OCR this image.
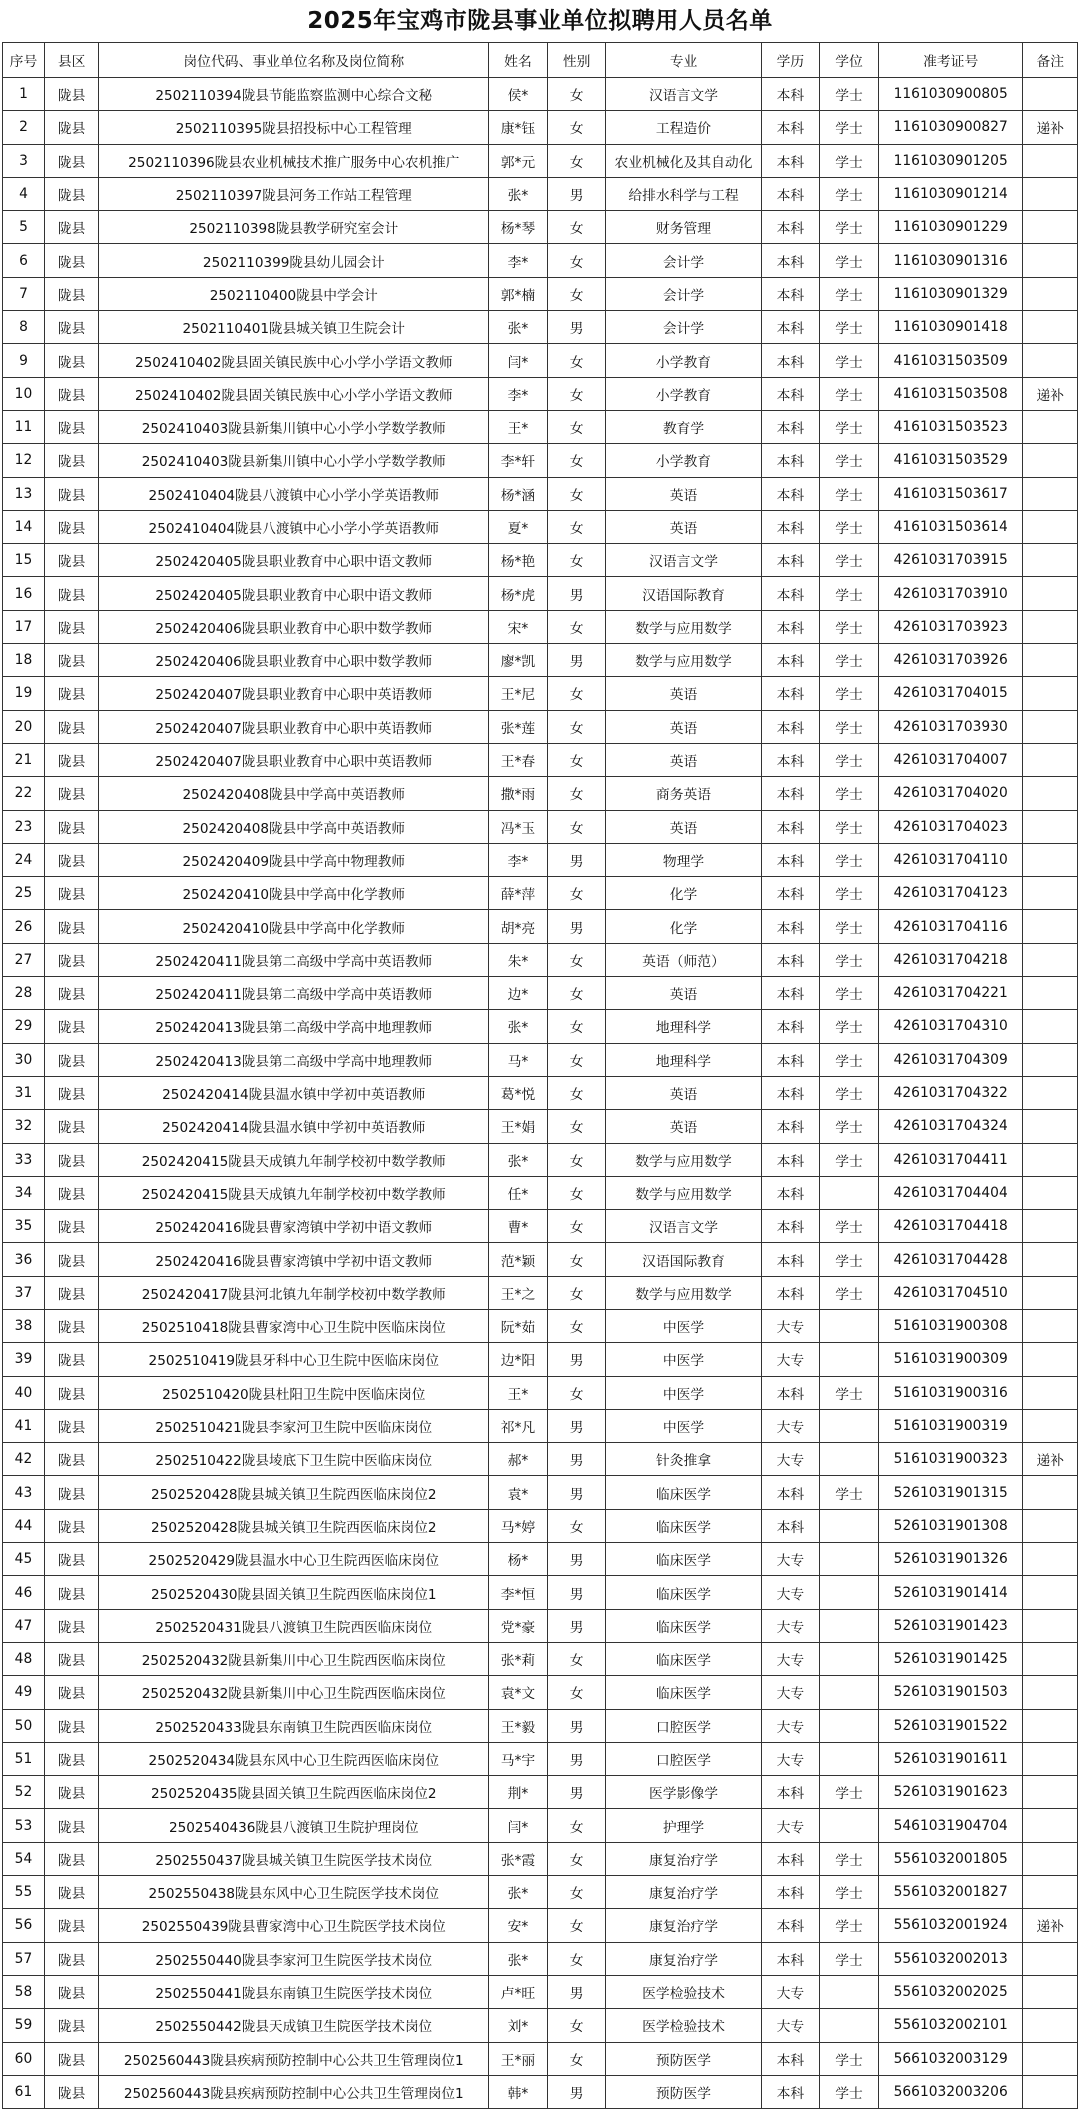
2025年宝鸡市陇县事业单位拟聘用人员名单
序号	县区	岗位代码、事业单位名称及岗位简称	姓名	性别	专业	学历	学位	准考证号	备注
1	陇县	2502110394陇县节能监察监测中心综合文秘	侯*	女	汉语言文学	本科	学士	1161030900805	
2	陇县	2502110395陇县招投标中心工程管理	康*钰	女	工程造价	本科	学士	1161030900827	递补
3	陇县	2502110396陇县农业机械技术推广服务中心农机推广	郭*元	女	农业机械化及其自动化	本科	学士	1161030901205	
4	陇县	2502110397陇县河务工作站工程管理	张*	男	给排水科学与工程	本科	学士	1161030901214	
5	陇县	2502110398陇县教学研究室会计	杨*琴	女	财务管理	本科	学士	1161030901229	
6	陇县	2502110399陇县幼儿园会计	李*	女	会计学	本科	学士	1161030901316	
7	陇县	2502110400陇县中学会计	郭*楠	女	会计学	本科	学士	1161030901329	
8	陇县	2502110401陇县城关镇卫生院会计	张*	男	会计学	本科	学士	1161030901418	
9	陇县	2502410402陇县固关镇民族中心小学小学语文教师	闫*	女	小学教育	本科	学士	4161031503509	
10	陇县	2502410402陇县固关镇民族中心小学小学语文教师	李*	女	小学教育	本科	学士	4161031503508	递补
11	陇县	2502410403陇县新集川镇中心小学小学数学教师	王*	女	教育学	本科	学士	4161031503523	
12	陇县	2502410403陇县新集川镇中心小学小学数学教师	李*轩	女	小学教育	本科	学士	4161031503529	
13	陇县	2502410404陇县八渡镇中心小学小学英语教师	杨*涵	女	英语	本科	学士	4161031503617	
14	陇县	2502410404陇县八渡镇中心小学小学英语教师	夏*	女	英语	本科	学士	4161031503614	
15	陇县	2502420405陇县职业教育中心职中语文教师	杨*艳	女	汉语言文学	本科	学士	4261031703915	
16	陇县	2502420405陇县职业教育中心职中语文教师	杨*虎	男	汉语国际教育	本科	学士	4261031703910	
17	陇县	2502420406陇县职业教育中心职中数学教师	宋*	女	数学与应用数学	本科	学士	4261031703923	
18	陇县	2502420406陇县职业教育中心职中数学教师	廖*凯	男	数学与应用数学	本科	学士	4261031703926	
19	陇县	2502420407陇县职业教育中心职中英语教师	王*尼	女	英语	本科	学士	4261031704015	
20	陇县	2502420407陇县职业教育中心职中英语教师	张*莲	女	英语	本科	学士	4261031703930	
21	陇县	2502420407陇县职业教育中心职中英语教师	王*春	女	英语	本科	学士	4261031704007	
22	陇县	2502420408陇县中学高中英语教师	撒*雨	女	商务英语	本科	学士	4261031704020	
23	陇县	2502420408陇县中学高中英语教师	冯*玉	女	英语	本科	学士	4261031704023	
24	陇县	2502420409陇县中学高中物理教师	李*	男	物理学	本科	学士	4261031704110	
25	陇县	2502420410陇县中学高中化学教师	薛*萍	女	化学	本科	学士	4261031704123	
26	陇县	2502420410陇县中学高中化学教师	胡*亮	男	化学	本科	学士	4261031704116	
27	陇县	2502420411陇县第二高级中学高中英语教师	朱*	女	英语（师范）	本科	学士	4261031704218	
28	陇县	2502420411陇县第二高级中学高中英语教师	边*	女	英语	本科	学士	4261031704221	
29	陇县	2502420413陇县第二高级中学高中地理教师	张*	女	地理科学	本科	学士	4261031704310	
30	陇县	2502420413陇县第二高级中学高中地理教师	马*	女	地理科学	本科	学士	4261031704309	
31	陇县	2502420414陇县温水镇中学初中英语教师	葛*悦	女	英语	本科	学士	4261031704322	
32	陇县	2502420414陇县温水镇中学初中英语教师	王*娟	女	英语	本科	学士	4261031704324	
33	陇县	2502420415陇县天成镇九年制学校初中数学教师	张*	女	数学与应用数学	本科	学士	4261031704411	
34	陇县	2502420415陇县天成镇九年制学校初中数学教师	任*	女	数学与应用数学	本科		4261031704404	
35	陇县	2502420416陇县曹家湾镇中学初中语文教师	曹*	女	汉语言文学	本科	学士	4261031704418	
36	陇县	2502420416陇县曹家湾镇中学初中语文教师	范*颖	女	汉语国际教育	本科	学士	4261031704428	
37	陇县	2502420417陇县河北镇九年制学校初中数学教师	王*之	女	数学与应用数学	本科	学士	4261031704510	
38	陇县	2502510418陇县曹家湾中心卫生院中医临床岗位	阮*茹	女	中医学	大专		5161031900308	
39	陇县	2502510419陇县牙科中心卫生院中医临床岗位	边*阳	男	中医学	大专		5161031900309	
40	陇县	2502510420陇县杜阳卫生院中医临床岗位	王*	女	中医学	本科	学士	5161031900316	
41	陇县	2502510421陇县李家河卫生院中医临床岗位	祁*凡	男	中医学	大专		5161031900319	
42	陇县	2502510422陇县堎底下卫生院中医临床岗位	郝*	男	针灸推拿	大专		5161031900323	递补
43	陇县	2502520428陇县城关镇卫生院西医临床岗位2	袁*	男	临床医学	本科	学士	5261031901315	
44	陇县	2502520428陇县城关镇卫生院西医临床岗位2	马*婷	女	临床医学	本科		5261031901308	
45	陇县	2502520429陇县温水中心卫生院西医临床岗位	杨*	男	临床医学	大专		5261031901326	
46	陇县	2502520430陇县固关镇卫生院西医临床岗位1	李*恒	男	临床医学	大专		5261031901414	
47	陇县	2502520431陇县八渡镇卫生院西医临床岗位	党*豪	男	临床医学	大专		5261031901423	
48	陇县	2502520432陇县新集川中心卫生院西医临床岗位	张*莉	女	临床医学	大专		5261031901425	
49	陇县	2502520432陇县新集川中心卫生院西医临床岗位	袁*文	女	临床医学	大专		5261031901503	
50	陇县	2502520433陇县东南镇卫生院西医临床岗位	王*毅	男	口腔医学	大专		5261031901522	
51	陇县	2502520434陇县东风中心卫生院西医临床岗位	马*宇	男	口腔医学	大专		5261031901611	
52	陇县	2502520435陇县固关镇卫生院西医临床岗位2	荆*	男	医学影像学	本科	学士	5261031901623	
53	陇县	2502540436陇县八渡镇卫生院护理岗位	闫*	女	护理学	大专		5461031904704	
54	陇县	2502550437陇县城关镇卫生院医学技术岗位	张*霞	女	康复治疗学	本科	学士	5561032001805	
55	陇县	2502550438陇县东风中心卫生院医学技术岗位	张*	女	康复治疗学	本科	学士	5561032001827	
56	陇县	2502550439陇县曹家湾中心卫生院医学技术岗位	安*	女	康复治疗学	本科	学士	5561032001924	递补
57	陇县	2502550440陇县李家河卫生院医学技术岗位	张*	女	康复治疗学	本科	学士	5561032002013	
58	陇县	2502550441陇县东南镇卫生院医学技术岗位	卢*旺	男	医学检验技术	大专		5561032002025	
59	陇县	2502550442陇县天成镇卫生院医学技术岗位	刘*	女	医学检验技术	大专		5561032002101	
60	陇县	2502560443陇县疾病预防控制中心公共卫生管理岗位1	王*丽	女	预防医学	本科	学士	5661032003129	
61	陇县	2502560443陇县疾病预防控制中心公共卫生管理岗位1	韩*	男	预防医学	本科	学士	5661032003206	
